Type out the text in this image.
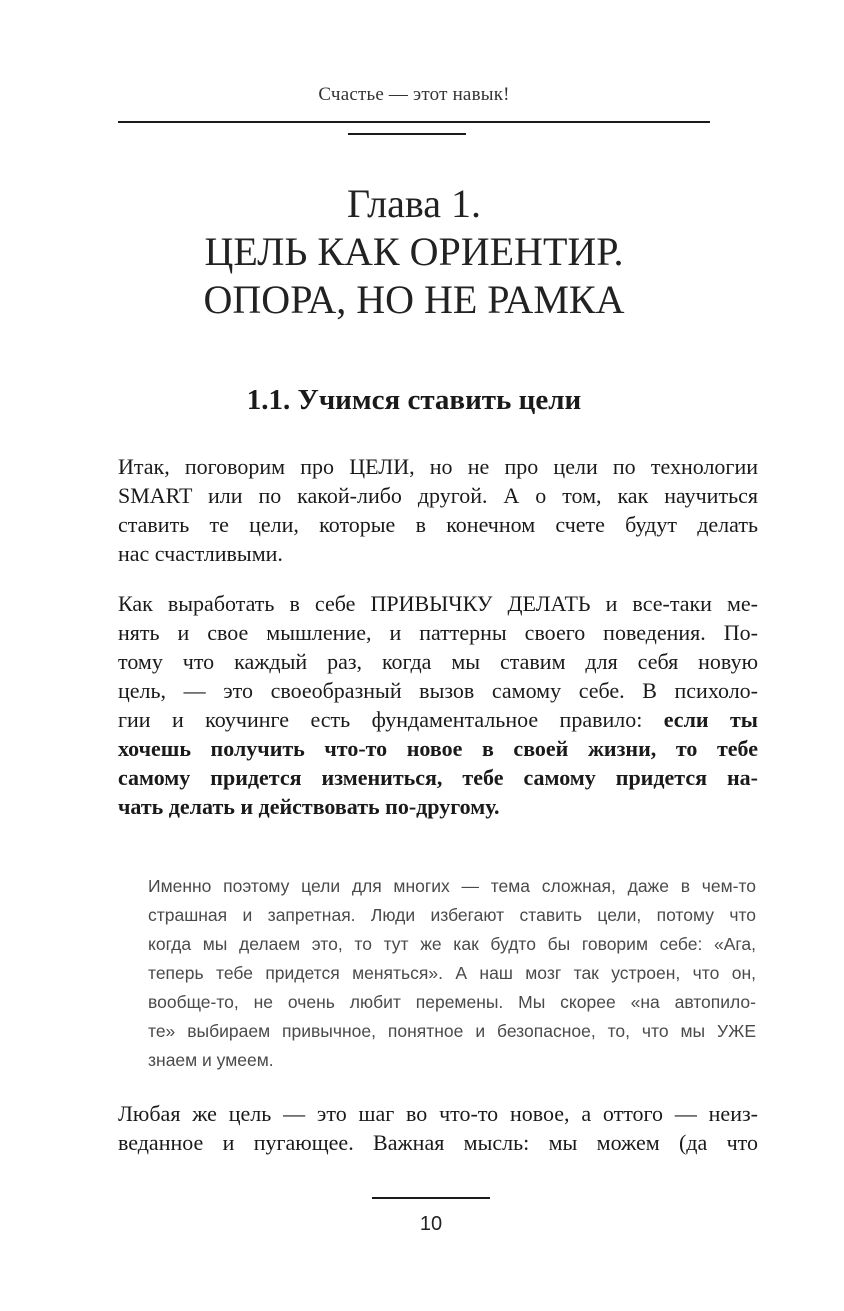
Счастье — этот навык!
Глава 1.
ЦЕЛЬ КАК ОРИЕНТИР.
ОПОРА, НО НЕ РАМКА
1.1. Учимся ставить цели
Итак, поговорим про ЦЕЛИ, но не про цели по технологии
SMART или по какой-либо другой. А о том, как научиться
ставить те цели, которые в конечном счете будут делать
нас счастливыми.
Как выработать в себе ПРИВЫЧКУ ДЕЛАТЬ и все-таки ме-
нять и свое мышление, и паттерны своего поведения. По-
тому что каждый раз, когда мы ставим для себя новую
цель, — это своеобразный вызов самому себе. В психоло-
гии и коучинге есть фундаментальное правило: если ты
хочешь получить что-то новое в своей жизни, то тебе
самому придется измениться, тебе самому придется на-
чать делать и действовать по-другому.
Именно поэтому цели для многих — тема сложная, даже в чем-то
страшная и запретная. Люди избегают ставить цели, потому что
когда мы делаем это, то тут же как будто бы говорим себе: «Ага,
теперь тебе придется меняться». А наш мозг так устроен, что он,
вообще-то, не очень любит перемены. Мы скорее «на автопило-
те» выбираем привычное, понятное и безопасное, то, что мы УЖЕ
знаем и умеем.
Любая же цель — это шаг во что-то новое, а оттого — неиз-
веданное и пугающее. Важная мысль: мы можем (да что
10
